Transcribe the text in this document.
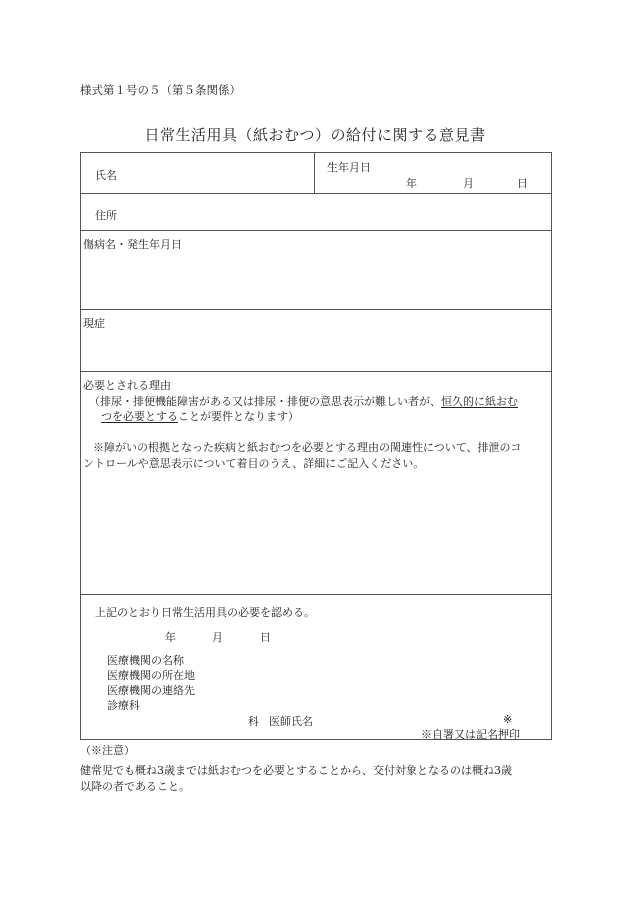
様式第１号の５（第５条関係）
日常生活用具（紙おむつ）の給付に関する意見書
氏名
生年月日
年	月	日
住所
傷病名・発生年月日
現症
必要とされる理由
（排尿・排便機能障害がある又は排尿・排便の意思表示が難しい者が、恒久的に紙おむ
つを必要とすることが要件となります）
※障がいの根拠となった疾病と紙おむつを必要とする理由の関連性について、排泄のコ
ントロールや意思表示について着目のうえ、詳細にご記入ください。
上記のとおり日常生活用具の必要を認める。
年	月	日
医療機関の名称
医療機関の所在地
医療機関の連絡先
診療科
科 医師氏名	※
※自署又は記名押印
（※注意）
健常児でも概ね3歳までは紙おむつを必要とすることから、交付対象となるのは概ね3歳
以降の者であること。
